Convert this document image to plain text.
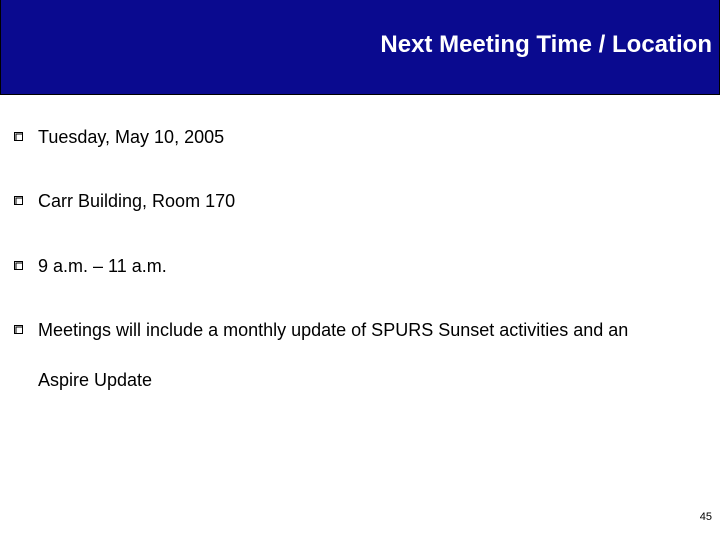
Next Meeting Time / Location
Tuesday, May 10, 2005
Carr Building, Room 170
9 a.m. – 11 a.m.
Meetings will include a monthly update of SPURS Sunset activities and an Aspire Update
45
